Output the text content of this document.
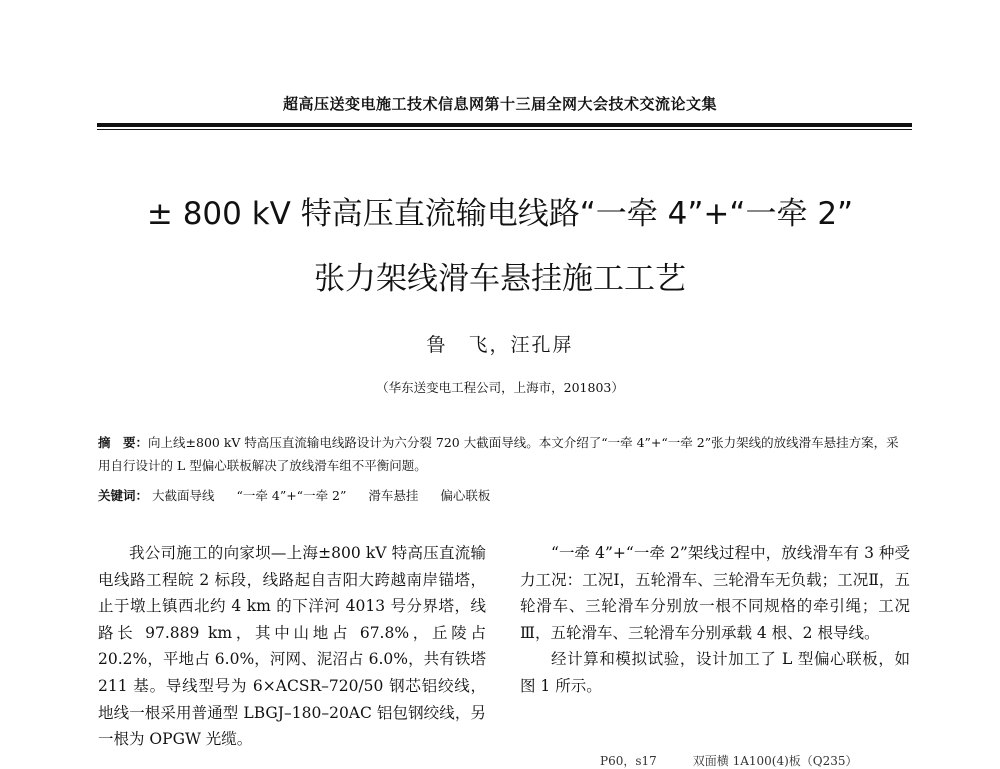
超高压送变电施工技术信息网第十三届全网大会技术交流论文集
± 800 kV 特高压直流输电线路“一牵 4”+“一牵 2”
张力架线滑车悬挂施工工艺
鲁　飞，汪孔屏
（华东送变电工程公司，上海市，201803）
摘　要：向上线±800 kV 特高压直流输电线路设计为六分裂 720 大截面导线。本文介绍了“一牵 4”+“一牵 2”张力架线的放线滑车悬挂方案，采用自行设计的 L 型偏心联板解决了放线滑车组不平衡问题。
关键词： 大截面导线 “一牵 4”+“一牵 2” 滑车悬挂 偏心联板

我公司施工的向家坝—上海±800 kV 特高压直流输电线路工程皖 2 标段，线路起自吉阳大跨越南岸锚塔，止于墩上镇西北约 4 km 的下洋河 4013 号分界塔，线路长 97.889 km，其中山地占 67.8%，丘陵占 20.2%，平地占 6.0%，河网、泥沼占 6.0%，共有铁塔 211 基。导线型号为 6×ACSR–720/50 钢芯铝绞线，地线一根采用普通型 LBGJ–180–20AC 铝包钢绞线，另一根为 OPGW 光缆。

“一牵 4”+“一牵 2”架线过程中，放线滑车有 3 种受力工况：工况Ⅰ，五轮滑车、三轮滑车无负载；工况Ⅱ，五轮滑车、三轮滑车分别放一根不同规格的牵引绳；工况Ⅲ，五轮滑车、三轮滑车分别承载 4 根、2 根导线。

经计算和模拟试验，设计加工了 L 型偏心联板，如图 1 所示。

P60，s17　　　双面横 1A100(4)板（Q235）
